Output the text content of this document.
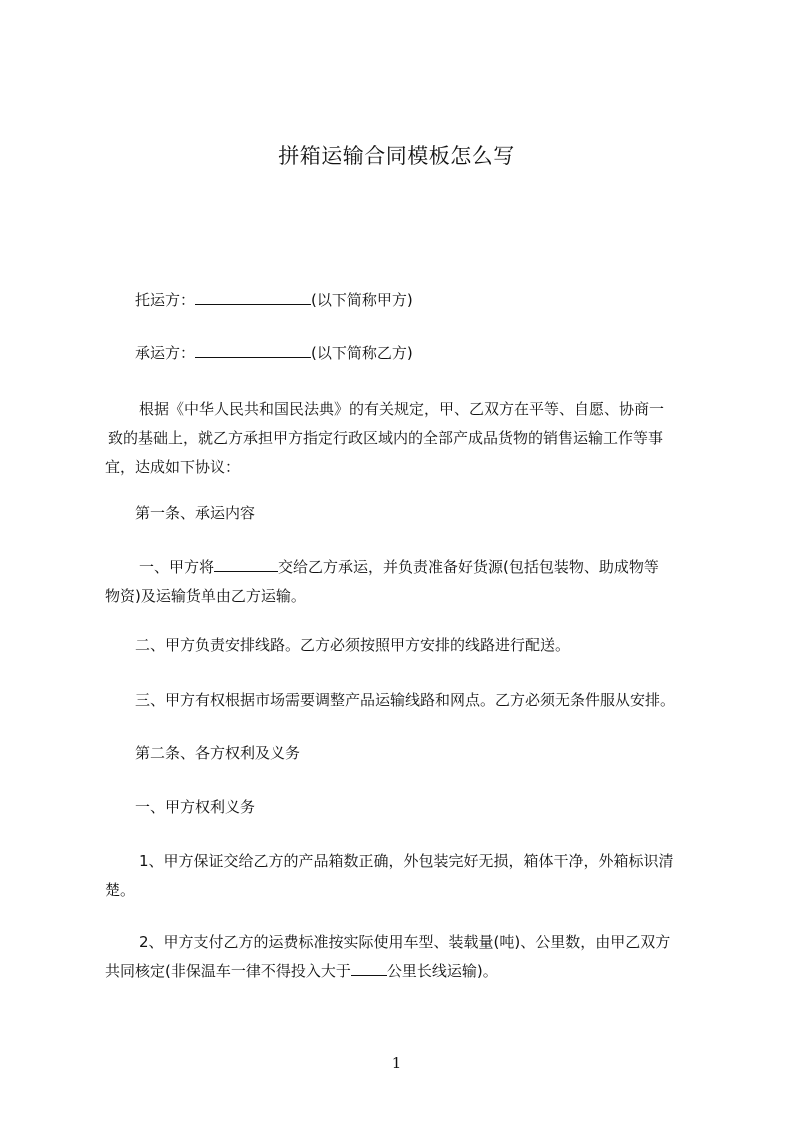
拼箱运输合同模板怎么写

托运方：	(以下简称甲方)

承运方：	(以下简称乙方)

根据《中华人民共和国民法典》的有关规定，甲、乙双方在平等、自愿、协商一
致的基础上，就乙方承担甲方指定行政区域内的全部产成品货物的销售运输工作等事
宜，达成如下协议：

第一条、承运内容

一、甲方将	交给乙方承运，并负责准备好货源(包括包装物、助成物等
物资)及运输货单由乙方运输。

二、甲方负责安排线路。乙方必须按照甲方安排的线路进行配送。

三、甲方有权根据市场需要调整产品运输线路和网点。乙方必须无条件服从安排。

第二条、各方权利及义务

一、甲方权利义务

1、甲方保证交给乙方的产品箱数正确，外包装完好无损，箱体干净，外箱标识清
楚。
2、甲方支付乙方的运费标准按实际使用车型、装载量(吨)、公里数，由甲乙双方
共同核定(非保温车一律不得投入大于 公里长线运输)。
1
